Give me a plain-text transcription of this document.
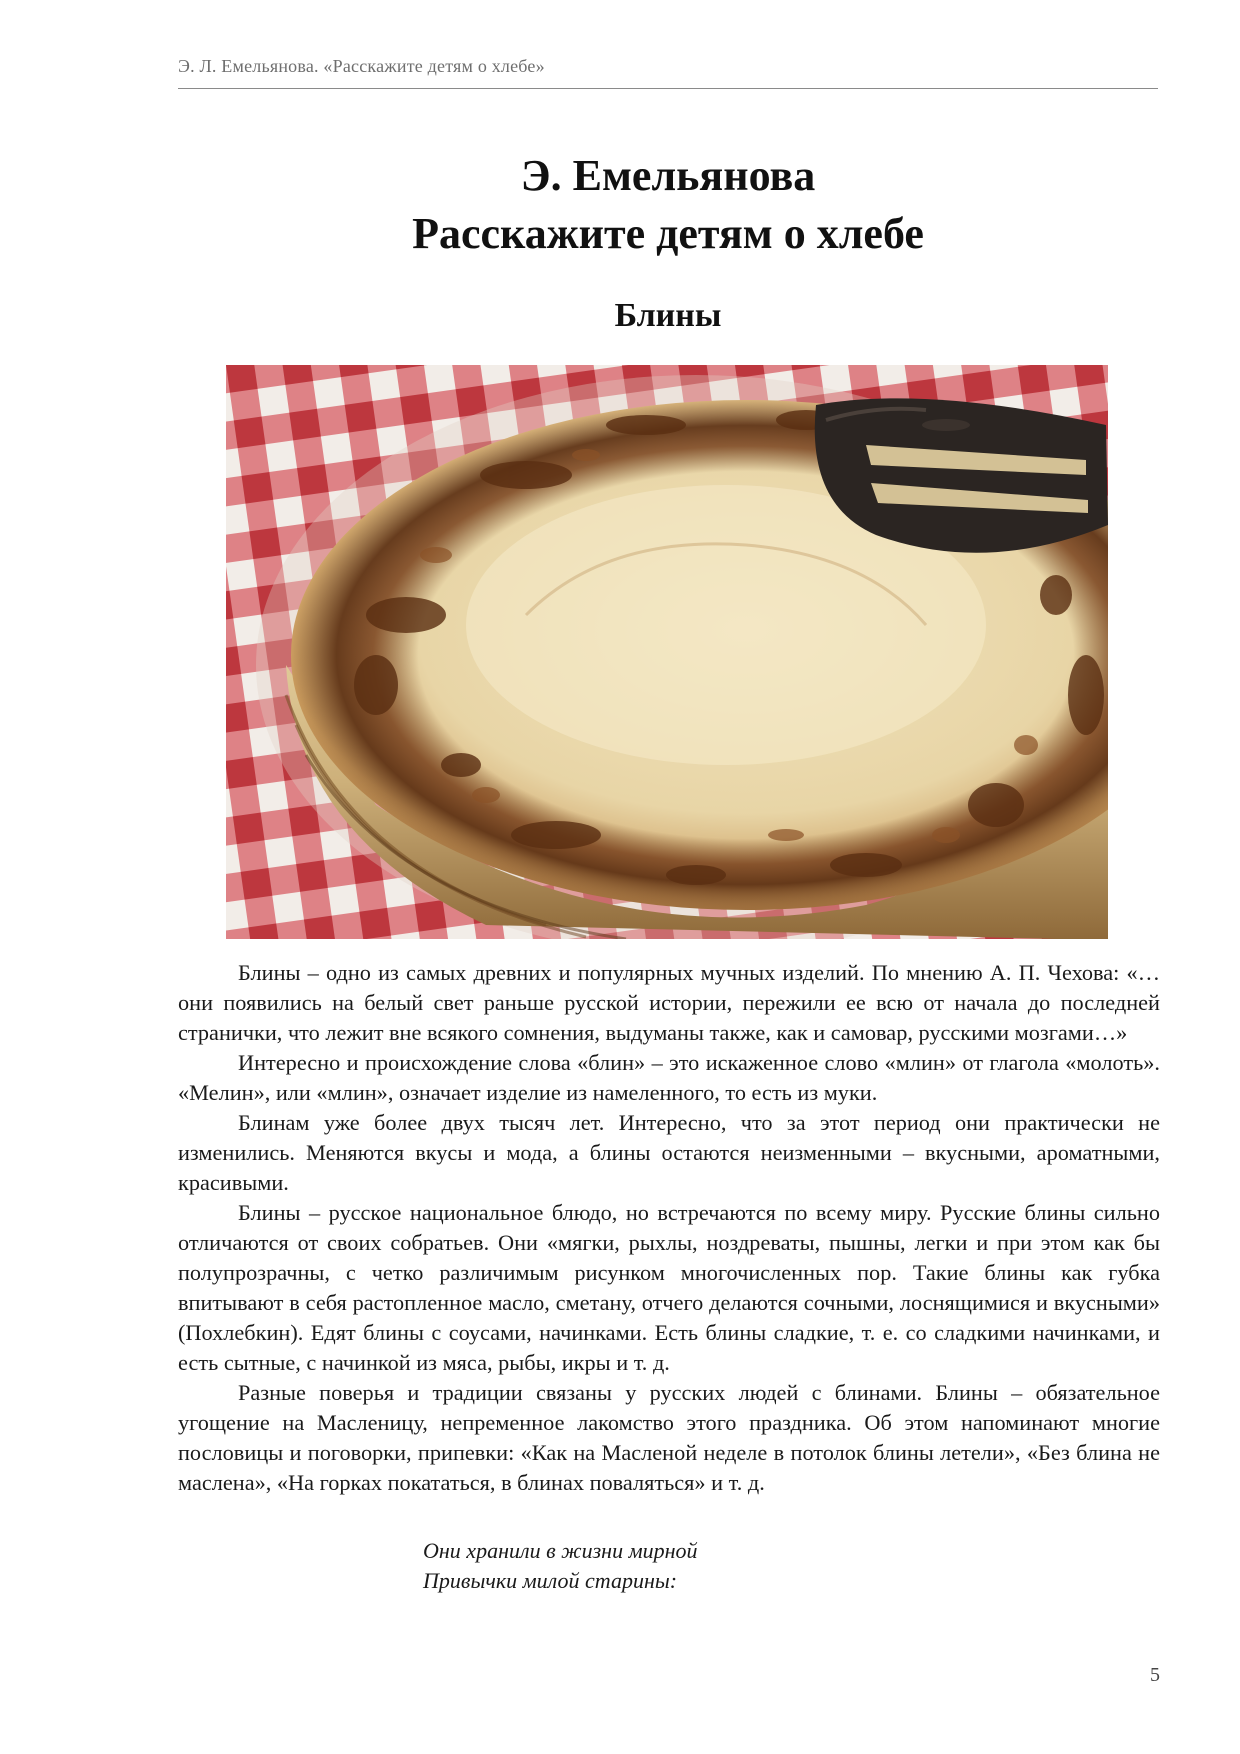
Э. Л. Емельянова. «Расскажите детям о хлебе»
Э. Емельянова
Расскажите детям о хлебе
Блины

Блины – одно из самых древних и популярных мучных изделий. По мнению А. П. Чехова: «… они появились на белый свет раньше русской истории, пережили ее всю от начала до последней странички, что лежит вне всякого сомнения, выдуманы также, как и самовар, русскими мозгами…»

Интересно и происхождение слова «блин» – это искаженное слово «млин» от глагола «молоть». «Мелин», или «млин», означает изделие из намеленного, то есть из муки.

Блинам уже более двух тысяч лет. Интересно, что за этот период они практически не изменились. Меняются вкусы и мода, а блины остаются неизменными – вкусными, ароматными, красивыми.

Блины – русское национальное блюдо, но встречаются по всему миру. Русские блины сильно отличаются от своих собратьев. Они «мягки, рыхлы, ноздреваты, пышны, легки и при этом как бы полупрозрачны, с четко различимым рисунком многочисленных пор. Такие блины как губка впитывают в себя растопленное масло, сметану, отчего делаются сочными, лоснящимися и вкусными» (Похлебкин). Едят блины с соусами, начинками. Есть блины сладкие, т. е. со сладкими начинками, и есть сытные, с начинкой из мяса, рыбы, икры и т. д.

Разные поверья и традиции связаны у русских людей с блинами. Блины – обязательное угощение на Масленицу, непременное лакомство этого праздника. Об этом напоминают многие пословицы и поговорки, припевки: «Как на Масленой неделе в потолок блины летели», «Без блина не маслена», «На горках покататься, в блинах поваляться» и т. д.

Они хранили в жизни мирной
Привычки милой старины:
5
